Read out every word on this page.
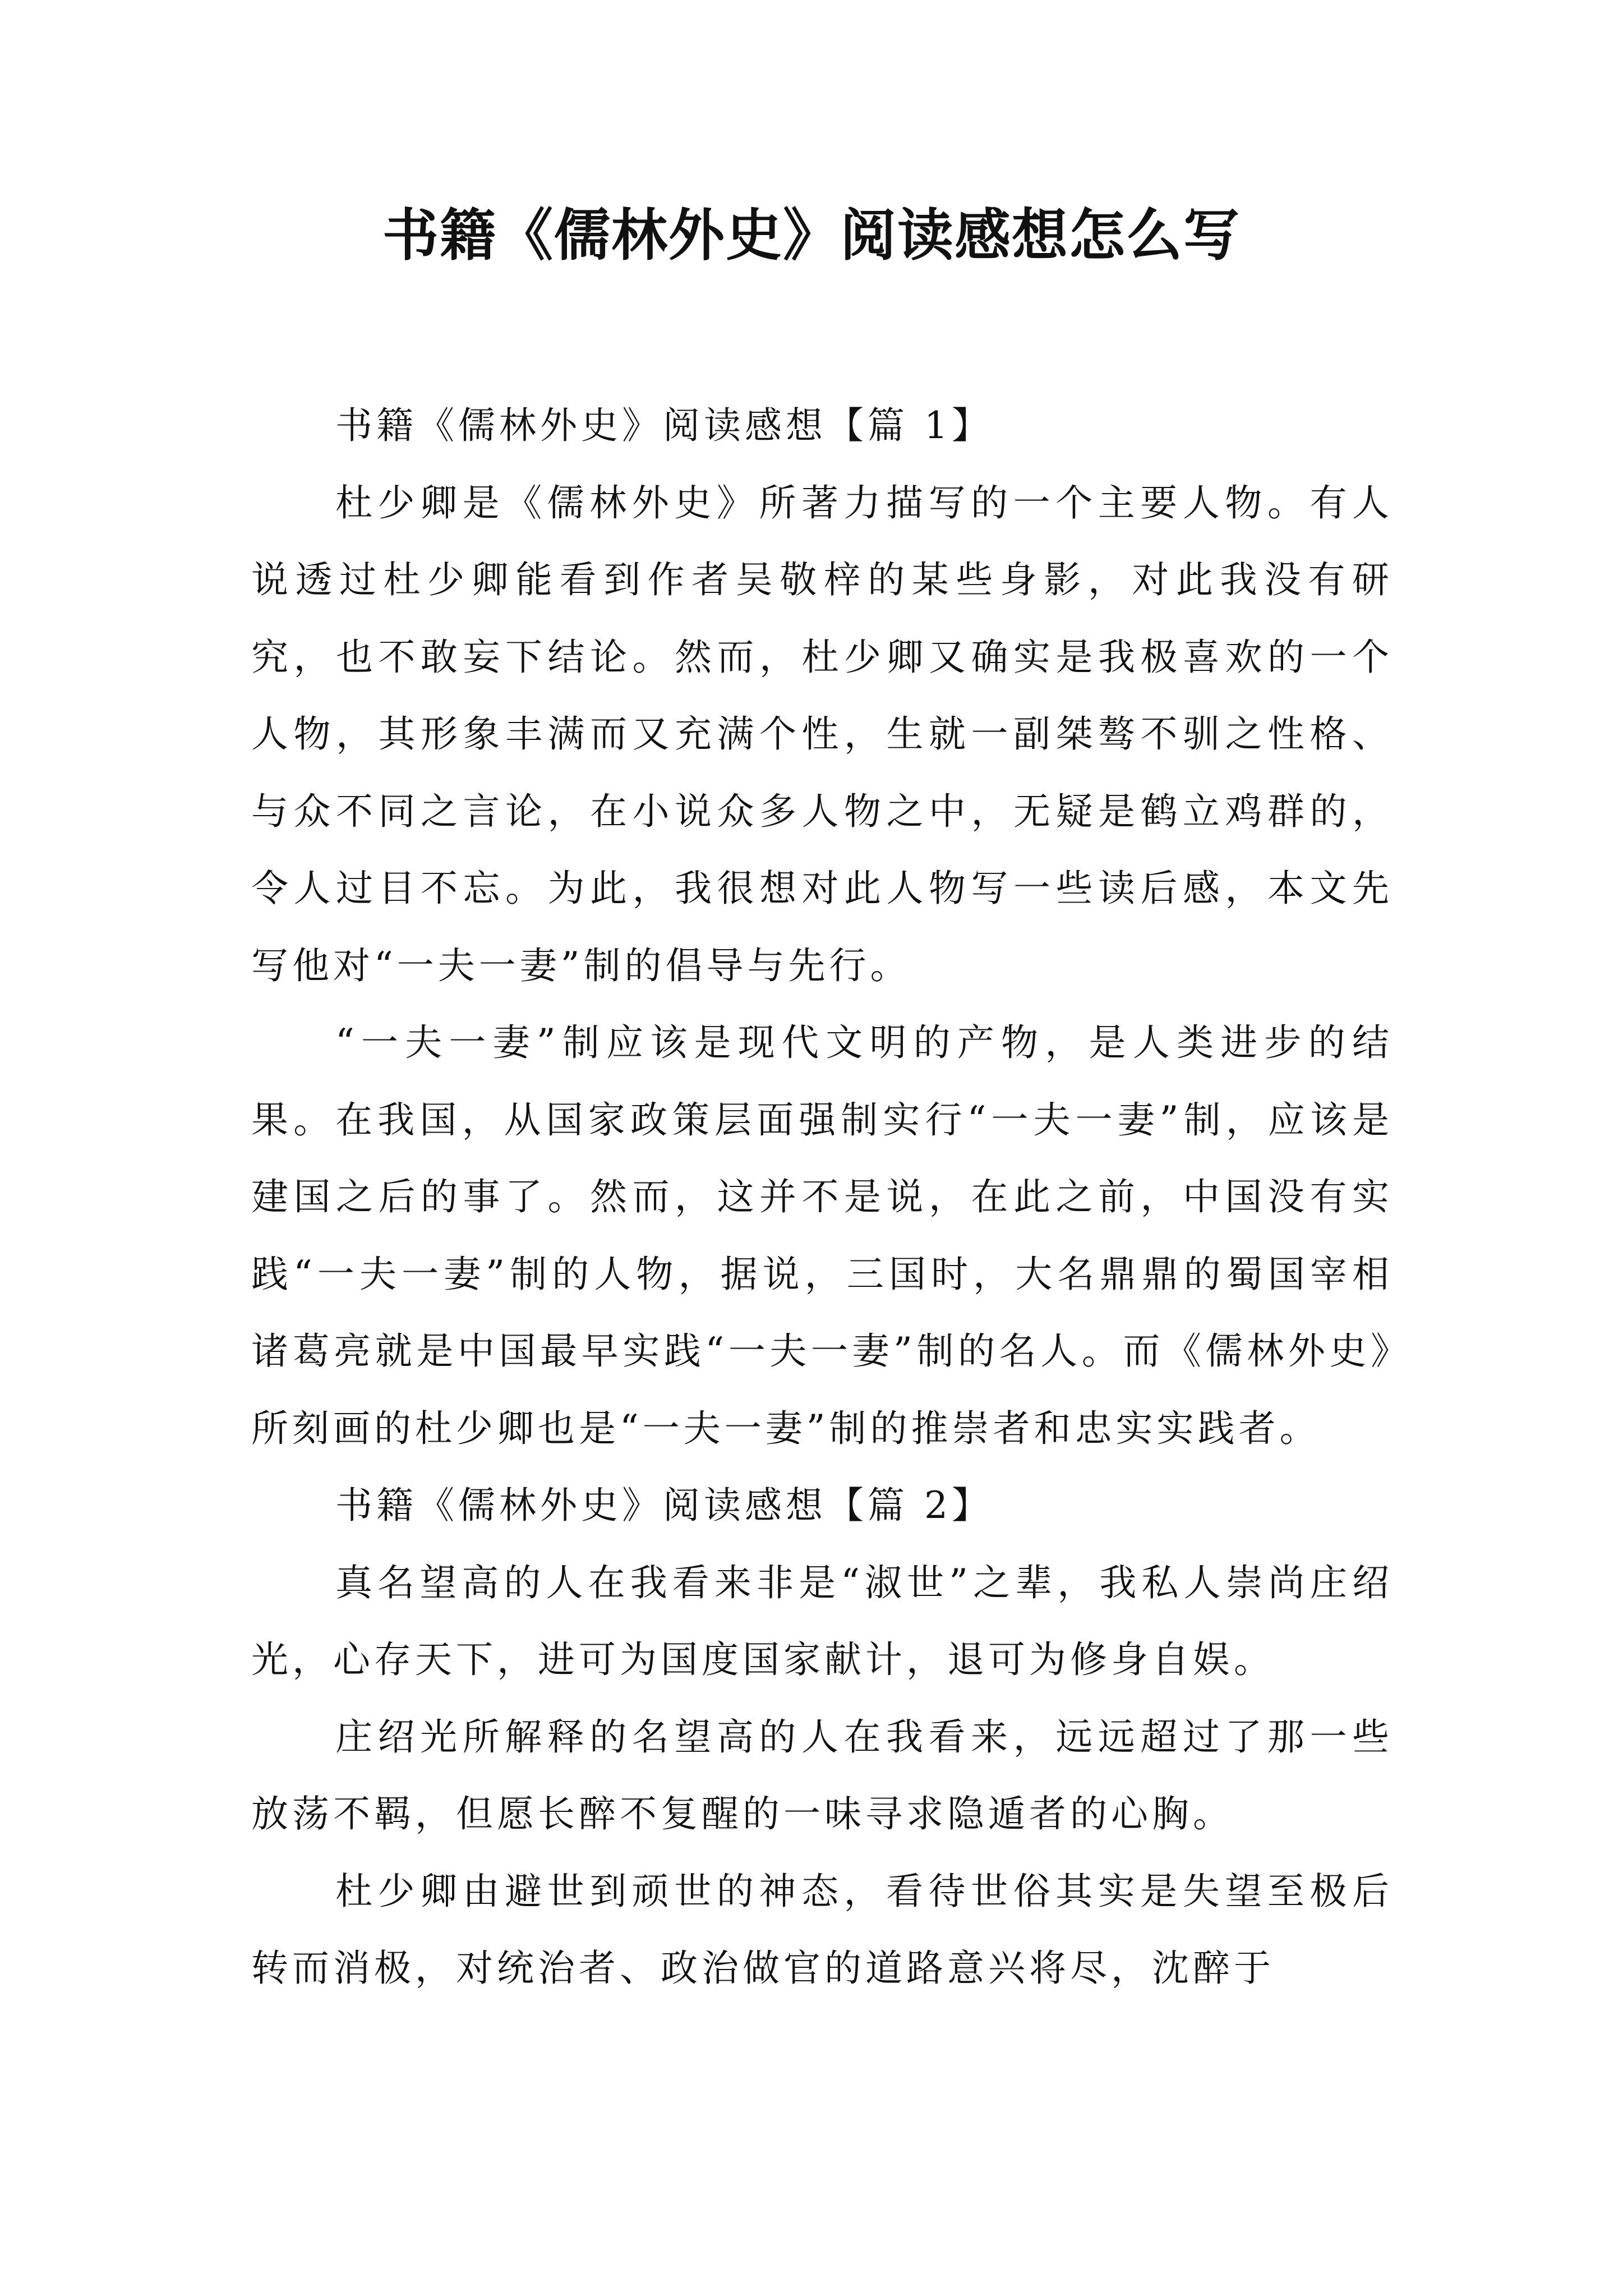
书籍《儒林外史》阅读感想怎么写

书籍《儒林外史》阅读感想【篇 1】

杜少卿是《儒林外史》所著力描写的一个主要人物。有人说透过杜少卿能看到作者吴敬梓的某些身影，对此我没有研究，也不敢妄下结论。然而，杜少卿又确实是我极喜欢的一个人物，其形象丰满而又充满个性，生就一副桀骜不驯之性格、与众不同之言论，在小说众多人物之中，无疑是鹤立鸡群的，令人过目不忘。为此，我很想对此人物写一些读后感，本文先写他对“一夫一妻”制的倡导与先行。

“一夫一妻”制应该是现代文明的产物，是人类进步的结果。在我国，从国家政策层面强制实行“一夫一妻”制，应该是建国之后的事了。然而，这并不是说，在此之前，中国没有实践“一夫一妻”制的人物，据说，三国时，大名鼎鼎的蜀国宰相诸葛亮就是中国最早实践“一夫一妻”制的名人。而《儒林外史》所刻画的杜少卿也是“一夫一妻”制的推崇者和忠实实践者。

书籍《儒林外史》阅读感想【篇 2】

真名望高的人在我看来非是“淑世”之辈，我私人崇尚庄绍光，心存天下，进可为国度国家献计，退可为修身自娱。

庄绍光所解释的名望高的人在我看来，远远超过了那一些放荡不羁，但愿长醉不复醒的一味寻求隐遁者的心胸。

杜少卿由避世到顽世的神态，看待世俗其实是失望至极后转而消极，对统治者、政治做官的道路意兴将尽，沈醉于
